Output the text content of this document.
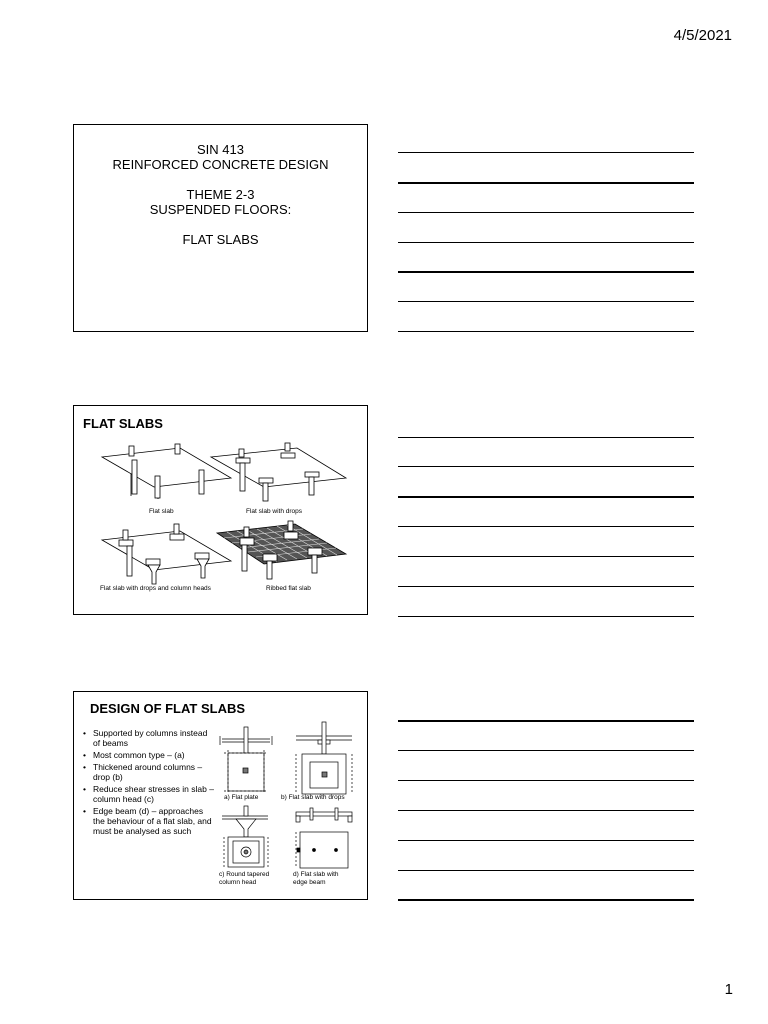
4/5/2021
SIN 413
REINFORCED CONCRETE DESIGN
THEME 2-3
SUSPENDED FLOORS:
FLAT SLABS
FLAT SLABS
Flat slab	Flat slab with drops
Flat slab with drops and column heads	Ribbed flat slab
DESIGN OF FLAT SLABS
• Supported by columns instead of beams
• Most common type – (a)
• Thickened around columns – drop (b)
• Reduce shear stresses in slab – column head (c)
• Edge beam (d) – approaches the behaviour of a flat slab, and must be analysed as such
a) Flat plate	b) Flat slab with drops
c) Round tapered
column head
d) Flat slab with
edge beam
1
